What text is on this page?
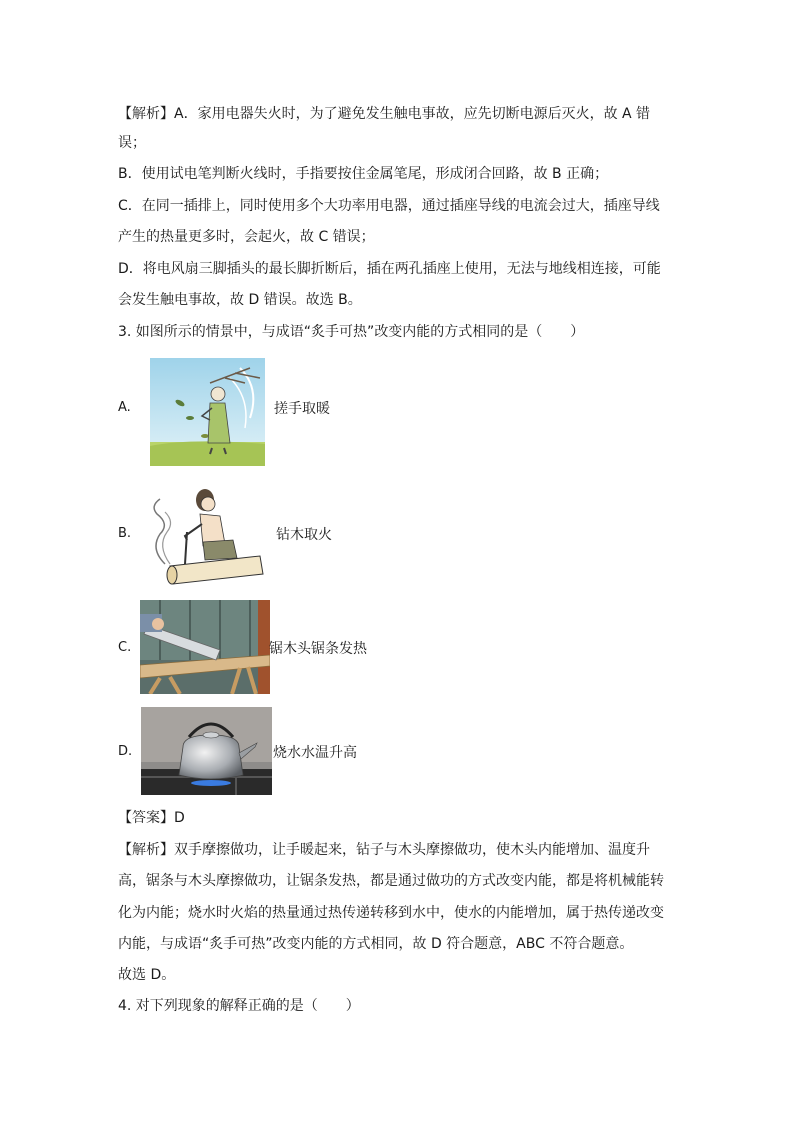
【解析】A．家用电器失火时，为了避免发生触电事故，应先切断电源后灭火，故 A 错
误；
B．使用试电笔判断火线时，手指要按住金属笔尾，形成闭合回路，故 B 正确；
C．在同一插排上，同时使用多个大功率用电器，通过插座导线的电流会过大，插座导线
产生的热量更多时，会起火，故 C 错误；
D．将电风扇三脚插头的最长脚折断后，插在两孔插座上使用，无法与地线相连接，可能
会发生触电事故，故 D 错误。故选 B。
3. 如图所示的情景中，与成语“炙手可热”改变内能的方式相同的是（　　）
A.	搓手取暖
B.	钻木取火
C.	锯木头锯条发热
D.	烧水水温升高
【答案】D
【解析】双手摩擦做功，让手暖起来，钻子与木头摩擦做功，使木头内能增加、温度升
高，锯条与木头摩擦做功，让锯条发热，都是通过做功的方式改变内能，都是将机械能转
化为内能；烧水时火焰的热量通过热传递转移到水中，使水的内能增加，属于热传递改变
内能，与成语“炙手可热”改变内能的方式相同，故 D 符合题意，ABC 不符合题意。
故选 D。
4. 对下列现象的解释正确的是（　　）
